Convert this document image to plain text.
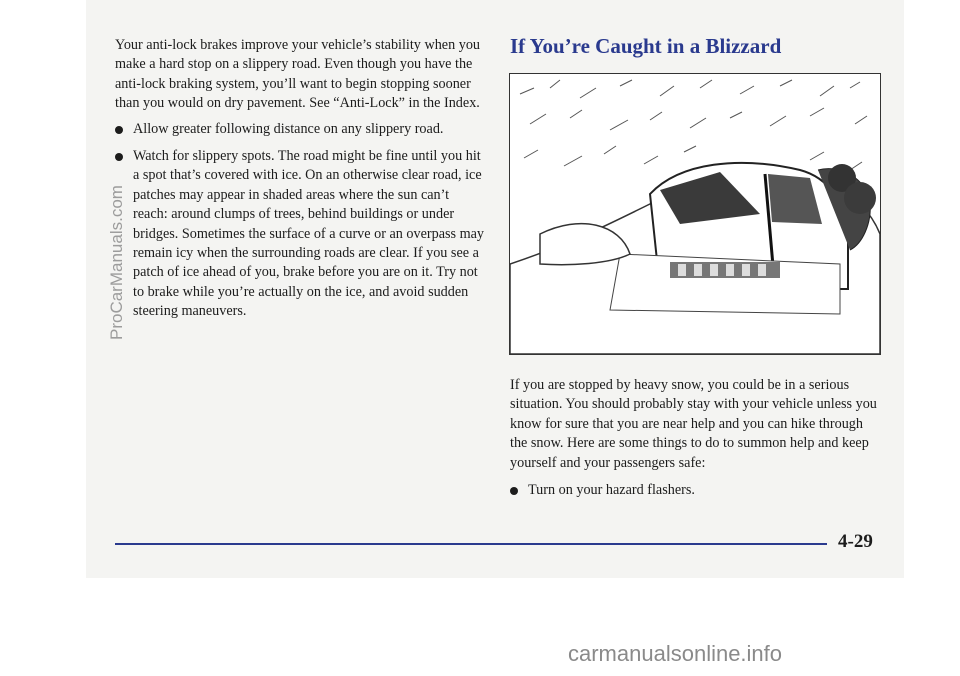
Your anti-lock brakes improve your vehicle’s stability when you make a hard stop on a slippery road. Even though you have the anti-lock braking system, you’ll want to begin stopping sooner than you would on dry pavement. See “Anti-Lock” in the Index.

Allow greater following distance on any slippery road.
Watch for slippery spots. The road might be fine until you hit a spot that’s covered with ice. On an otherwise clear road, ice patches may appear in shaded areas where the sun can’t reach: around clumps of trees, behind buildings or under bridges. Sometimes the surface of a curve or an overpass may remain icy when the surrounding roads are clear. If you see a patch of ice ahead of you, brake before you are on it. Try not to brake while you’re actually on the ice, and avoid sudden steering maneuvers.
If You’re Caught in a Blizzard

If you are stopped by heavy snow, you could be in a serious situation. You should probably stay with your vehicle unless you know for sure that you are near help and you can hike through the snow. Here are some things to do to summon help and keep yourself and your passengers safe:

Turn on your hazard flashers.
4-29
ProCarManuals.com
carmanualsonline.info
